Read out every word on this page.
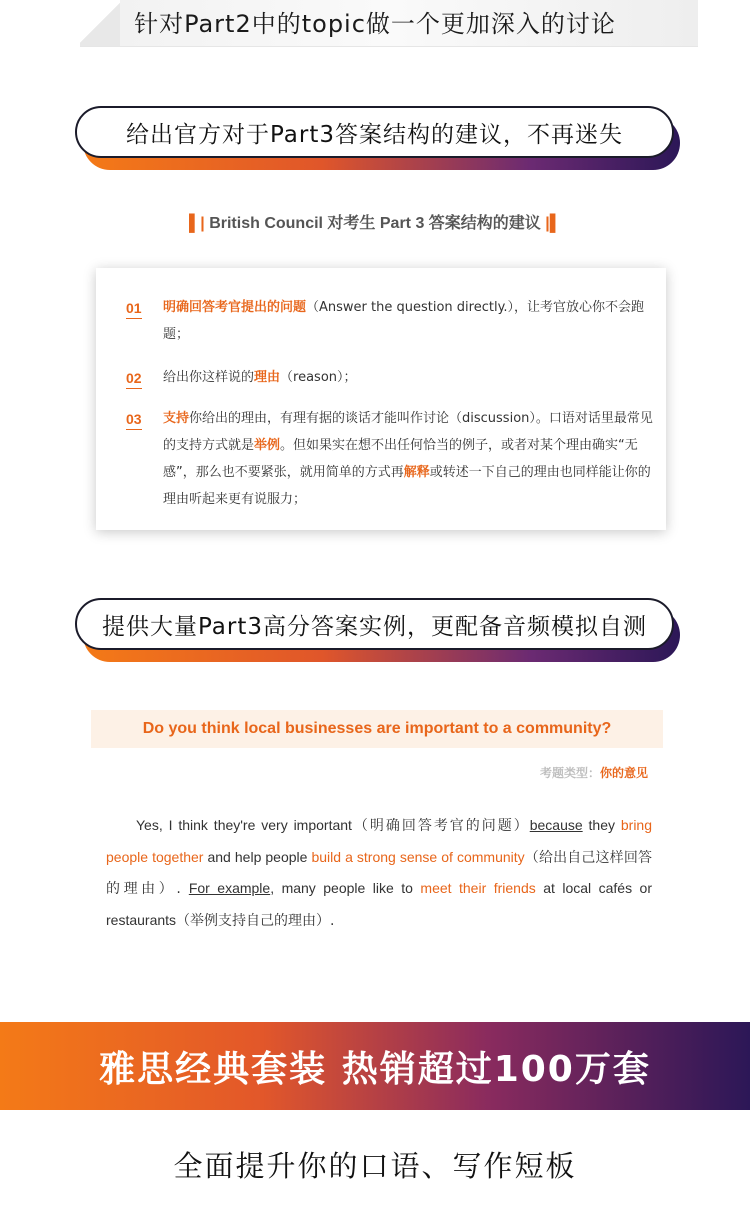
针对Part2中的topic做一个更加深入的讨论
给出官方对于Part3答案结构的建议，不再迷失
▌| British Council 对考生 Part 3 答案结构的建议 |▌
01 明确回答考官提出的问题（Answer the question directly.），让考官放心你不会跑题；
02 给出你这样说的理由（reason）；
03 支持你给出的理由，有理有据的谈话才能叫作讨论（discussion）。口语对话里最常见的支持方式就是举例。但如果实在想不出任何恰当的例子，或者对某个理由确实“无感”，那么也不要紧张，就用简单的方式再解释或转述一下自己的理由也同样能让你的理由听起来更有说服力；
提供大量Part3高分答案实例，更配备音频模拟自测
Do you think local businesses are important to a community?
考题类型：你的意见
Yes, I think they're very important（明确回答考官的问题）because they bring people together and help people build a strong sense of community（给出自己这样回答的理由）. For example, many people like to meet their friends at local cafés or restaurants（举例支持自己的理由）.
雅思经典套装 热销超过100万套
全面提升你的口语、写作短板
